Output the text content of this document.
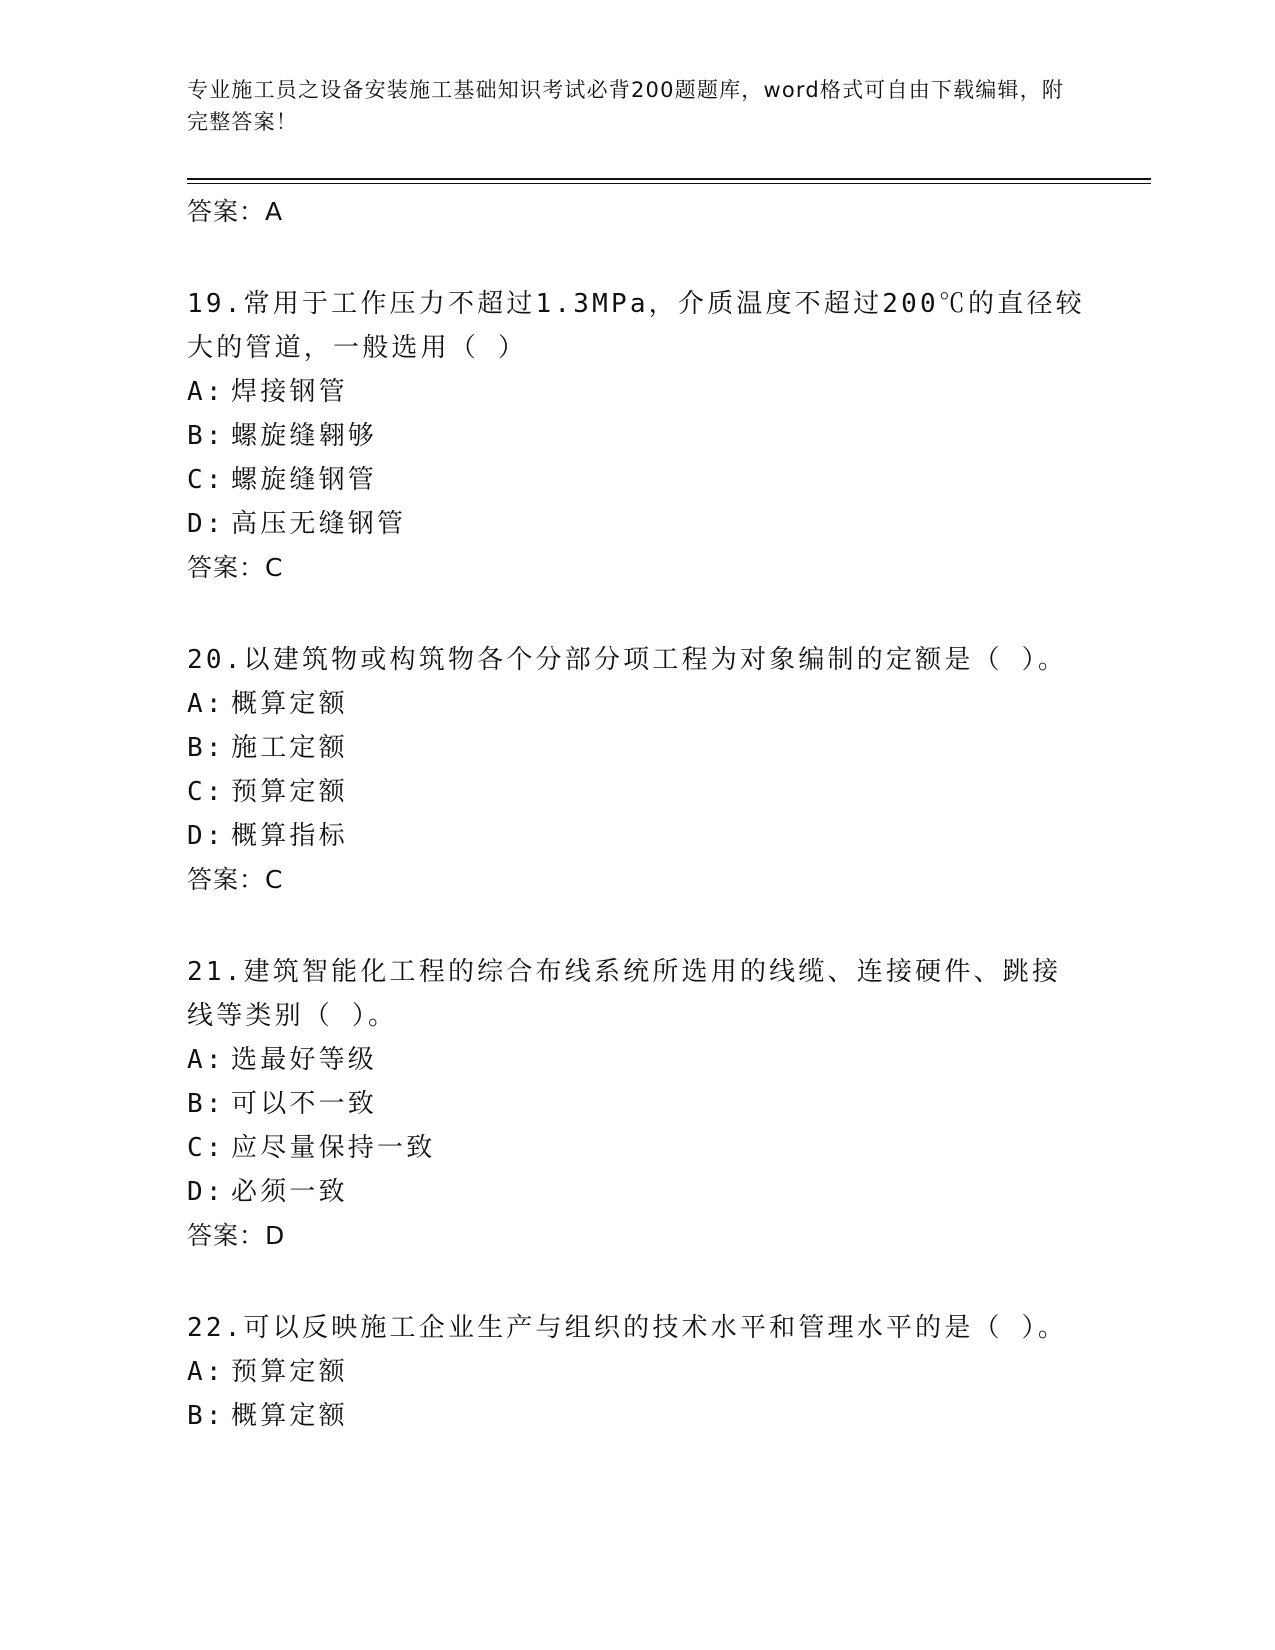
专业施工员之设备安装施工基础知识考试必背200题题库，word格式可自由下载编辑，附完整答案！
答案：A
19.常用于工作压力不超过1.3MPa，介质温度不超过200℃的直径较大的管道，一般选用（ ）
A: 焊接钢管
B: 螺旋缝翱够
C: 螺旋缝钢管
D: 高压无缝钢管
答案：C
20.以建筑物或构筑物各个分部分项工程为对象编制的定额是（ ）。
A: 概算定额
B: 施工定额
C: 预算定额
D: 概算指标
答案：C
21.建筑智能化工程的综合布线系统所选用的线缆、连接硬件、跳接线等类别（ ）。
A: 选最好等级
B: 可以不一致
C: 应尽量保持一致
D: 必须一致
答案：D
22.可以反映施工企业生产与组织的技术水平和管理水平的是（ ）。
A: 预算定额
B: 概算定额
